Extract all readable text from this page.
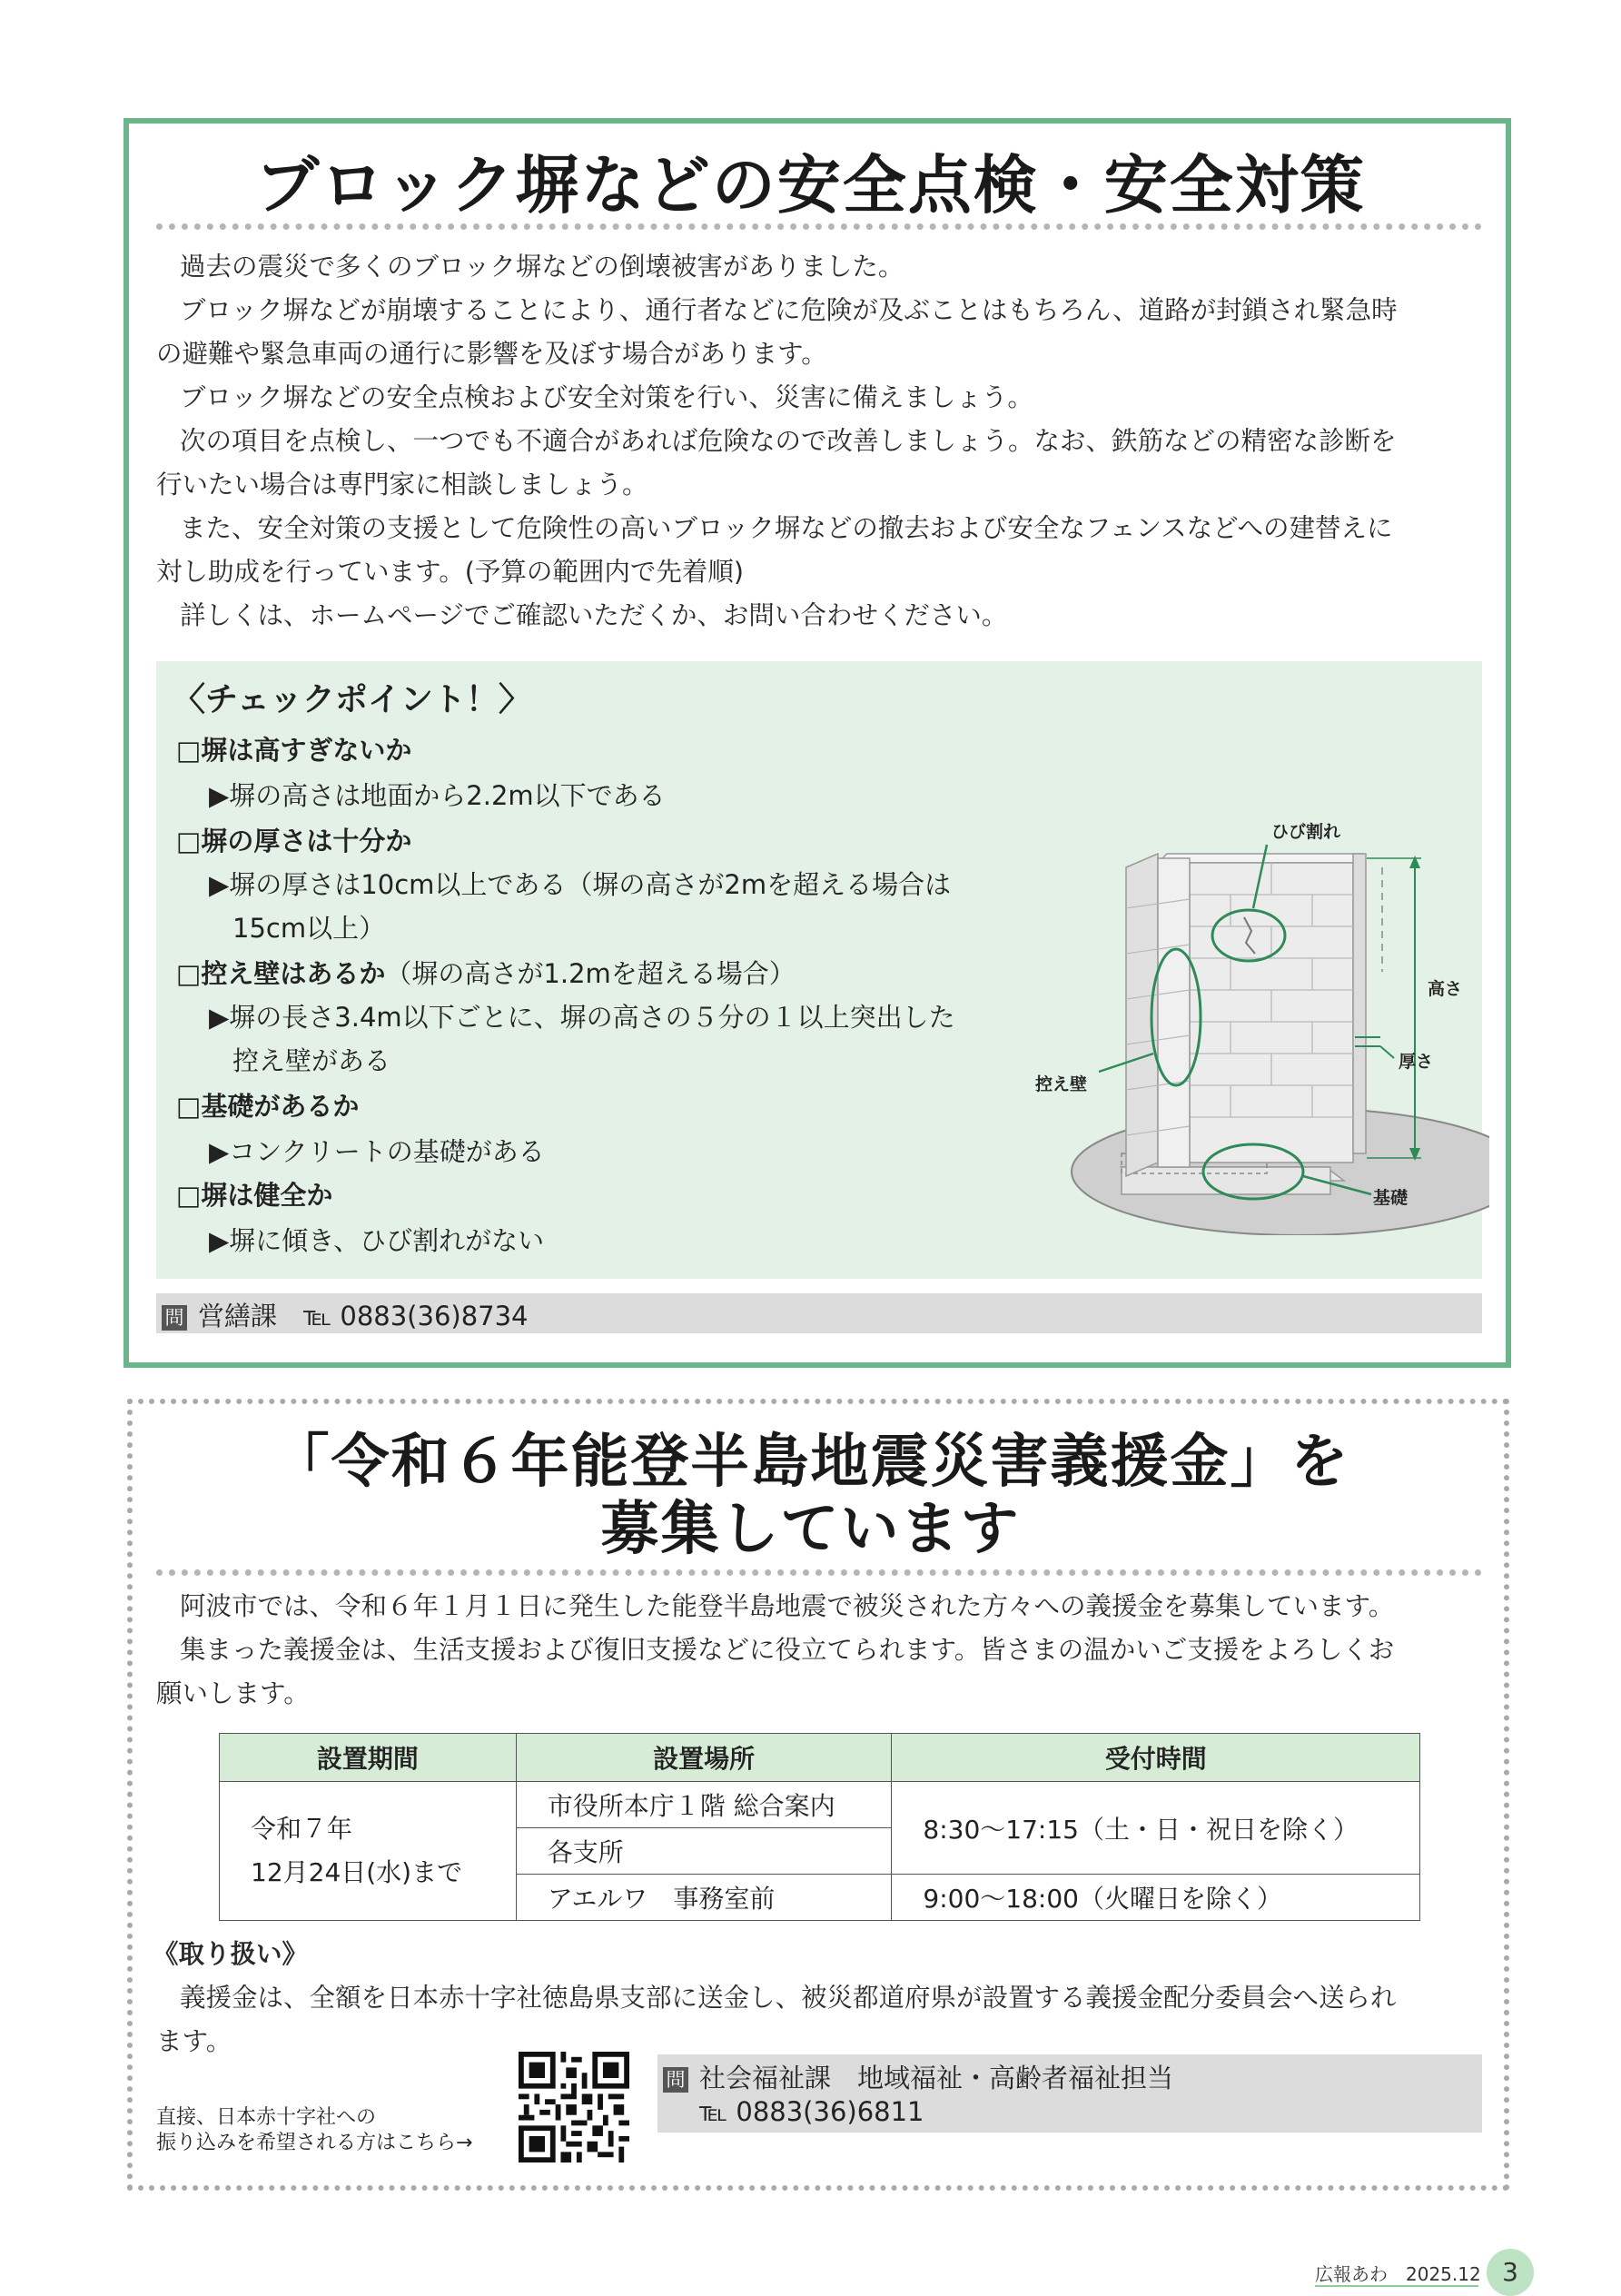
ブロック塀などの安全点検・安全対策
過去の震災で多くのブロック塀などの倒壊被害がありました。
ブロック塀などが崩壊することにより、通行者などに危険が及ぶことはもちろん、道路が封鎖され緊急時
の避難や緊急車両の通行に影響を及ぼす場合があります。
ブロック塀などの安全点検および安全対策を行い、災害に備えましょう。
次の項目を点検し、一つでも不適合があれば危険なので改善しましょう。なお、鉄筋などの精密な診断を
行いたい場合は専門家に相談しましょう。
また、安全対策の支援として危険性の高いブロック塀などの撤去および安全なフェンスなどへの建替えに
対し助成を行っています。(予算の範囲内で先着順)
詳しくは、ホームページでご確認いただくか、お問い合わせください。
〈チェックポイント！〉
□塀は高すぎないか
▶塀の高さは地面から2.2m以下である
□塀の厚さは十分か
▶塀の厚さは10cm以上である（塀の高さが2mを超える場合は
15cm以上）
□控え壁はあるか（塀の高さが1.2mを超える場合）
▶塀の長さ3.4m以下ごとに、塀の高さの５分の１以上突出した
控え壁がある
□基礎があるか
▶コンクリートの基礎がある
□塀は健全か
▶塀に傾き、ひび割れがない
ひび割れ
高さ
厚さ
控え壁
基礎
問 営繕課　℡ 0883(36)8734
「令和６年能登半島地震災害義援金」を
募集しています
阿波市では、令和６年１月１日に発生した能登半島地震で被災された方々への義援金を募集しています。
集まった義援金は、生活支援および復旧支援などに役立てられます。皆さまの温かいご支援をよろしくお
願いします。
設置期間	設置場所	受付時間
令和７年
12月24日(水)まで	市役所本庁１階 総合案内	8:30～17:15（土・日・祝日を除く）
	各支所	
	アエルワ　事務室前	9:00～18:00（火曜日を除く）
《取り扱い》
義援金は、全額を日本赤十字社徳島県支部に送金し、被災都道府県が設置する義援金配分委員会へ送られ
ます。
直接、日本赤十字社への
振り込みを希望される方はこちら→
問 社会福祉課　地域福祉・高齢者福祉担当
℡ 0883(36)6811
広報あわ　2025.12 3
